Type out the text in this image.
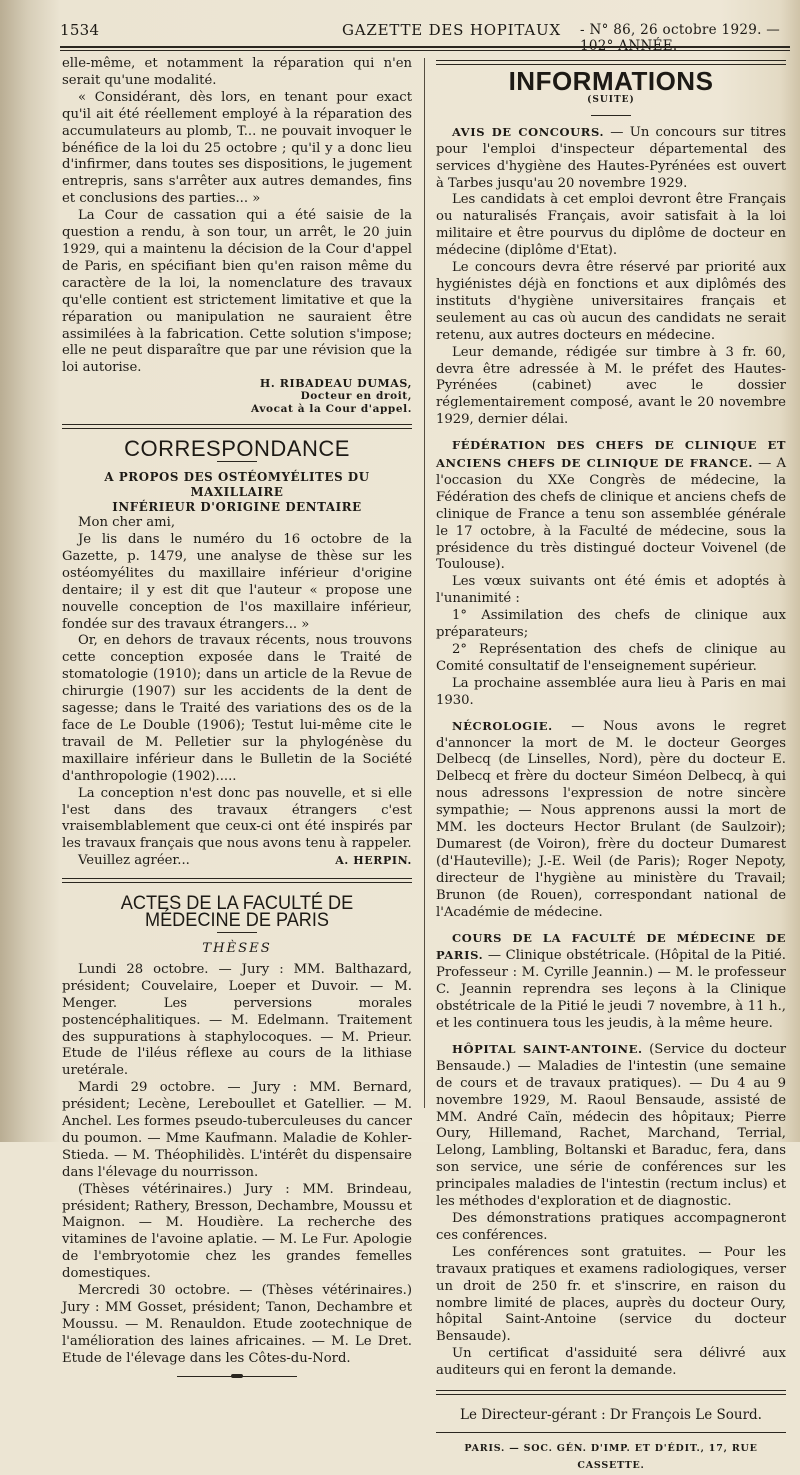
1534	GAZETTE DES HOPITAUX - N° 86, 26 octobre 1929. — 102° ANNÉE.

elle-même, et notamment la réparation qui n'en serait qu'une modalité.

« Considérant, dès lors, en tenant pour exact qu'il ait été réellement employé à la réparation des accumulateurs au plomb, T... ne pouvait invoquer le bénéfice de la loi du 25 octobre ; qu'il y a donc lieu d'infirmer, dans toutes ses dispositions, le jugement entrepris, sans s'arrêter aux autres demandes, fins et conclusions des parties... »

La Cour de cassation qui a été saisie de la question a rendu, à son tour, un arrêt, le 20 juin 1929, qui a maintenu la décision de la Cour d'appel de Paris, en spécifiant bien qu'en raison même du caractère de la loi, la nomenclature des travaux qu'elle contient est strictement limitative et que la réparation ou manipulation ne sauraient être assimilées à la fabrication. Cette solution s'impose; elle ne peut disparaître que par une révision que la loi autorise.

H. RIBADEAU DUMAS,
Docteur en droit,
Avocat à la Cour d'appel.
CORRESPONDANCE
A PROPOS DES OSTÉOMYÉLITES DU MAXILLAIRE
INFÉRIEUR D'ORIGINE DENTAIRE

Mon cher ami,

Je lis dans le numéro du 16 octobre de la Gazette, p. 1479, une analyse de thèse sur les ostéomyélites du maxillaire inférieur d'origine dentaire; il y est dit que l'auteur « propose une nouvelle conception de l'os maxillaire inférieur, fondée sur des travaux étrangers... »

Or, en dehors de travaux récents, nous trouvons cette conception exposée dans le Traité de stomatologie (1910); dans un article de la Revue de chirurgie (1907) sur les accidents de la dent de sagesse; dans le Traité des variations des os de la face de Le Double (1906); Testut lui-même cite le travail de M. Pelletier sur la phylogénèse du maxillaire inférieur dans le Bulletin de la Société d'anthropologie (1902).....

La conception n'est donc pas nouvelle, et si elle l'est dans des travaux étrangers c'est vraisemblablement que ceux-ci ont été inspirés par les travaux français que nous avons tenu à rappeler.

Veuillez agréer...	A. HERPIN.

ACTES DE LA FACULTÉ DE MÉDECINE DE PARIS
THÈSES

Lundi 28 octobre. — Jury : MM. Balthazard, président; Couvelaire, Loeper et Duvoir. — M. Menger. Les perversions morales postencéphalitiques. — M. Edelmann. Traitement des suppurations à staphylocoques. — M. Prieur. Etude de l'iléus réflexe au cours de la lithiase uretérale.

Mardi 29 octobre. — Jury : MM. Bernard, président; Lecène, Lereboullet et Gatellier. — M. Anchel. Les formes pseudo-tuberculeuses du cancer du poumon. — Mme Kaufmann. Maladie de Kohler-Stieda. — M. Théophilidès. L'intérêt du dispensaire dans l'élevage du nourrisson.

(Thèses vétérinaires.) Jury : MM. Brindeau, président; Rathery, Bresson, Dechambre, Moussu et Maignon. — M. Houdière. La recherche des vitamines de l'avoine aplatie. — M. Le Fur. Apologie de l'embryotomie chez les grandes femelles domestiques.

Mercredi 30 octobre. — (Thèses vétérinaires.) Jury : MM Gosset, président; Tanon, Dechambre et Moussu. — M. Renauldon. Etude zootechnique de l'amélioration des laines africaines. — M. Le Dret. Etude de l'élevage dans les Côtes-du-Nord.

INFORMATIONS
(SUITE)

AVIS DE CONCOURS. — Un concours sur titres pour l'emploi d'inspecteur départemental des services d'hygiène des Hautes-Pyrénées est ouvert à Tarbes jusqu'au 20 novembre 1929.

Les candidats à cet emploi devront être Français ou naturalisés Français, avoir satisfait à la loi militaire et être pourvus du diplôme de docteur en médecine (diplôme d'Etat).

Le concours devra être réservé par priorité aux hygiénistes déjà en fonctions et aux diplômés des instituts d'hygiène universitaires français et seulement au cas où aucun des candidats ne serait retenu, aux autres docteurs en médecine.

Leur demande, rédigée sur timbre à 3 fr. 60, devra être adressée à M. le préfet des Hautes-Pyrénées (cabinet) avec le dossier réglementairement composé, avant le 20 novembre 1929, dernier délai.

FÉDÉRATION DES CHEFS DE CLINIQUE ET ANCIENS CHEFS DE CLINIQUE DE FRANCE. — A l'occasion du XXe Congrès de médecine, la Fédération des chefs de clinique et anciens chefs de clinique de France a tenu son assemblée générale le 17 octobre, à la Faculté de médecine, sous la présidence du très distingué docteur Voivenel (de Toulouse).

Les vœux suivants ont été émis et adoptés à l'unanimité :

1° Assimilation des chefs de clinique aux préparateurs;

2° Représentation des chefs de clinique au Comité consultatif de l'enseignement supérieur.

La prochaine assemblée aura lieu à Paris en mai 1930.

NÉCROLOGIE. — Nous avons le regret d'annoncer la mort de M. le docteur Georges Delbecq (de Linselles, Nord), père du docteur E. Delbecq et frère du docteur Siméon Delbecq, à qui nous adressons l'expression de notre sincère sympathie; — Nous apprenons aussi la mort de MM. les docteurs Hector Brulant (de Saulzoir); Dumarest (de Voiron), frère du docteur Dumarest (d'Hauteville); J.-E. Weil (de Paris); Roger Nepoty, directeur de l'hygiène au ministère du Travail; Brunon (de Rouen), correspondant national de l'Académie de médecine.

COURS DE LA FACULTÉ DE MÉDECINE DE PARIS. — Clinique obstétricale. (Hôpital de la Pitié. Professeur : M. Cyrille Jeannin.) — M. le professeur C. Jeannin reprendra ses leçons à la Clinique obstétricale de la Pitié le jeudi 7 novembre, à 11 h., et les continuera tous les jeudis, à la même heure.

HÔPITAL SAINT-ANTOINE. (Service du docteur Bensaude.) — Maladies de l'intestin (une semaine de cours et de travaux pratiques). — Du 4 au 9 novembre 1929, M. Raoul Bensaude, assisté de MM. André Caïn, médecin des hôpitaux; Pierre Oury, Hillemand, Rachet, Marchand, Terrial, Lelong, Lambling, Boltanski et Baraduc, fera, dans son service, une série de conférences sur les principales maladies de l'intestin (rectum inclus) et les méthodes d'exploration et de diagnostic.

Des démonstrations pratiques accompagneront ces conférences.

Les conférences sont gratuites. — Pour les travaux pratiques et examens radiologiques, verser un droit de 250 fr. et s'inscrire, en raison du nombre limité de places, auprès du docteur Oury, hôpital Saint-Antoine (service du docteur Bensaude).

Un certificat d'assiduité sera délivré aux auditeurs qui en feront la demande.

Le Directeur-gérant : Dr François Le Sourd.
PARIS. — SOC. GÉN. D'IMP. ET D'ÉDIT., 17, RUE CASSETTE.
